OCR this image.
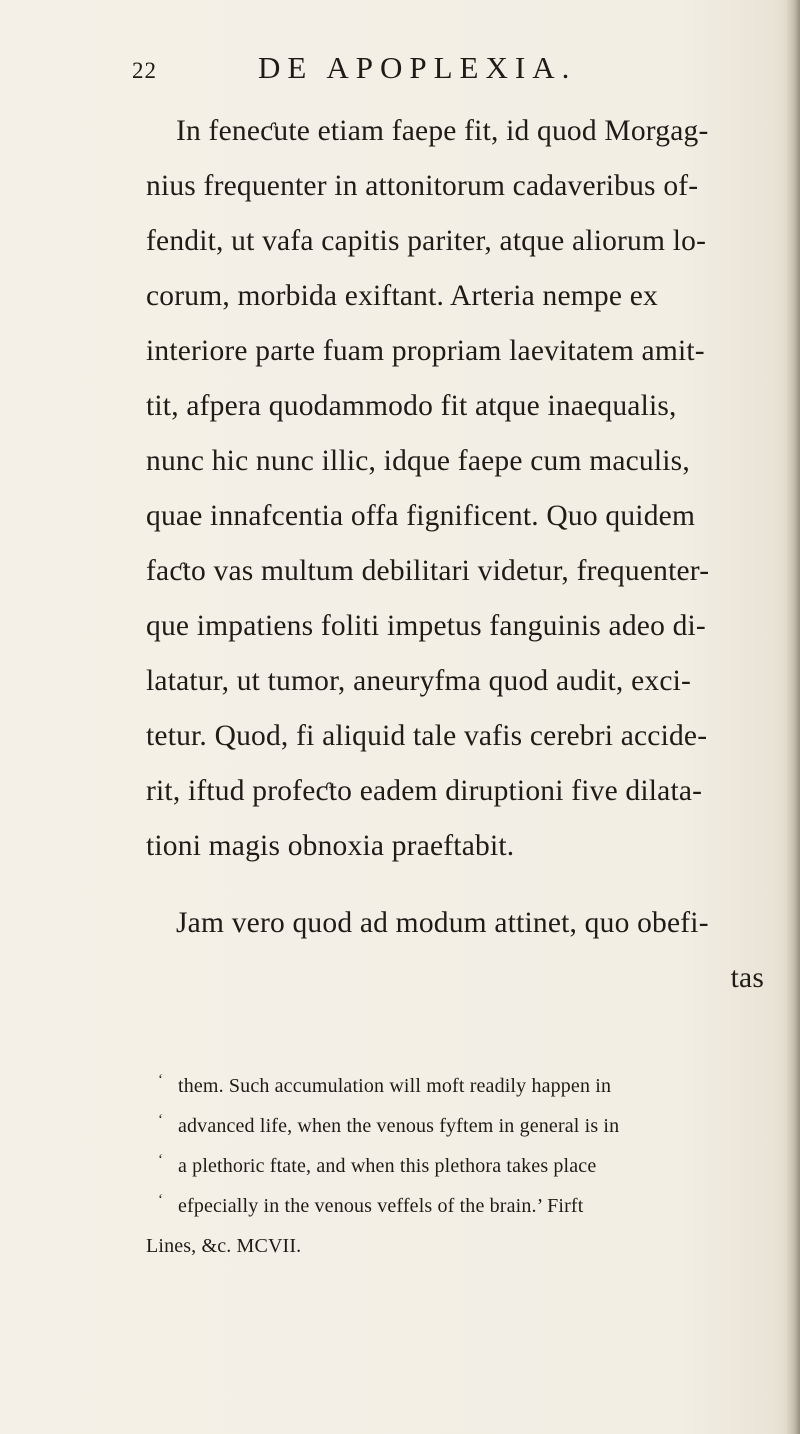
22	DE APOPLEXIA.
In feneƈute etiam faepe fit, id quod Morgag-
nius frequenter in attonitorum cadaveribus of-
fendit, ut vafa capitis pariter, atque aliorum lo-
corum, morbida exiftant. Arteria nempe ex
interiore parte fuam propriam laevitatem amit-
tit, afpera quodammodo fit atque inaequalis,
nunc hic nunc illic, idque faepe cum maculis,
quae innafcentia offa fignificent. Quo quidem
faƈto vas multum debilitari videtur, frequenter-
que impatiens foliti impetus fanguinis adeo di-
latatur, ut tumor, aneuryfma quod audit, exci-
tetur. Quod, fi aliquid tale vafis cerebri accide-
rit, iftud profeƈto eadem diruptioni five dilata-
tioni magis obnoxia praeftabit.
Jam vero quod ad modum attinet, quo obefi-
tas
‘ them. Such accumulation will moft readily happen in
‘ advanced life, when the venous fyftem in general is in
‘ a plethoric ftate, and when this plethora takes place
‘ efpecially in the venous veffels of the brain.’ Firft
Lines, &c. MCVII.
